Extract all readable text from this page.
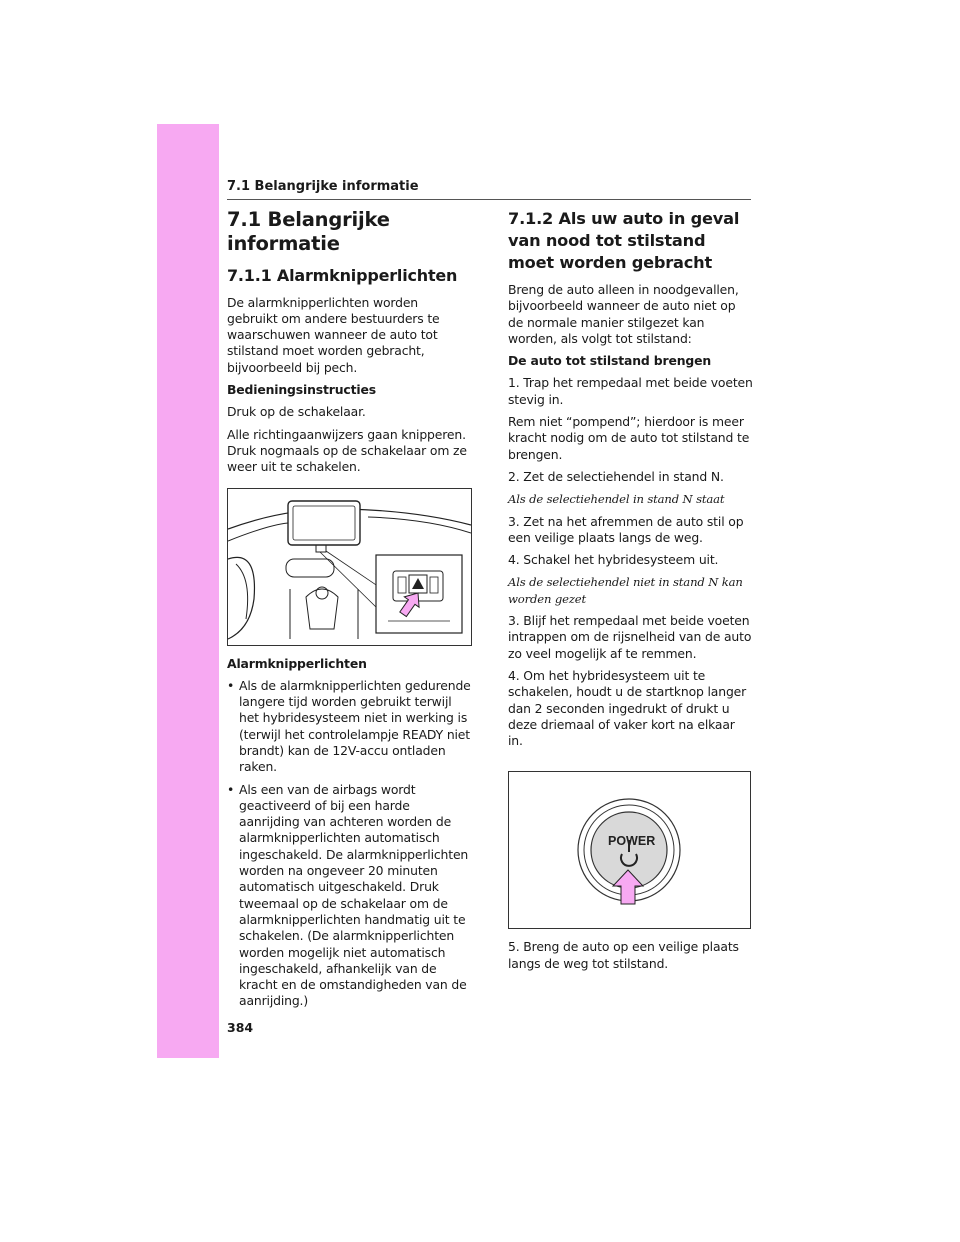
7.1 Belangrijke informatie
7.1 Belangrijke informatie
7.1.1 Alarmknipperlichten

De alarmknipperlichten worden gebruikt om andere bestuurders te waarschuwen wanneer de auto tot stilstand moet worden gebracht, bijvoorbeeld bij pech.

Bedieningsinstructies

Druk op de schakelaar.

Alle richtingaanwijzers gaan knipperen. Druk nogmaals op de schakelaar om ze weer uit te schakelen.

Alarmknipperlichten

• Als de alarmknipperlichten gedurende langere tijd worden gebruikt terwijl het hybridesysteem niet in werking is (terwijl het controlelampje READY niet brandt) kan de 12V-accu ontladen raken.
• Als een van de airbags wordt geactiveerd of bij een harde aanrijding van achteren worden de alarmknipperlichten automatisch ingeschakeld. De alarmknipperlichten worden na ongeveer 20 minuten automatisch uitgeschakeld. Druk tweemaal op de schakelaar om de alarmknipperlichten handmatig uit te schakelen. (De alarmknipperlichten worden mogelijk niet automatisch ingeschakeld, afhankelijk van de kracht en de omstandigheden van de aanrijding.)
7.1.2 Als uw auto in geval van nood tot stilstand moet worden gebracht

Breng de auto alleen in noodgevallen, bijvoorbeeld wanneer de auto niet op de normale manier stilgezet kan worden, als volgt tot stilstand:

De auto tot stilstand brengen

1. Trap het rempedaal met beide voeten stevig in.

Rem niet “pompend”; hierdoor is meer kracht nodig om de auto tot stilstand te brengen.

2. Zet de selectiehendel in stand N.

Als de selectiehendel in stand N staat

3. Zet na het afremmen de auto stil op een veilige plaats langs de weg.

4. Schakel het hybridesysteem uit.

Als de selectiehendel niet in stand N kan worden gezet

3. Blijf het rempedaal met beide voeten intrappen om de rijsnelheid van de auto zo veel mogelijk af te remmen.

4. Om het hybridesysteem uit te schakelen, houdt u de startknop langer dan 2 seconden ingedrukt of drukt u deze driemaal of vaker kort na elkaar in.

POWER

5. Breng de auto op een veilige plaats langs de weg tot stilstand.

384
